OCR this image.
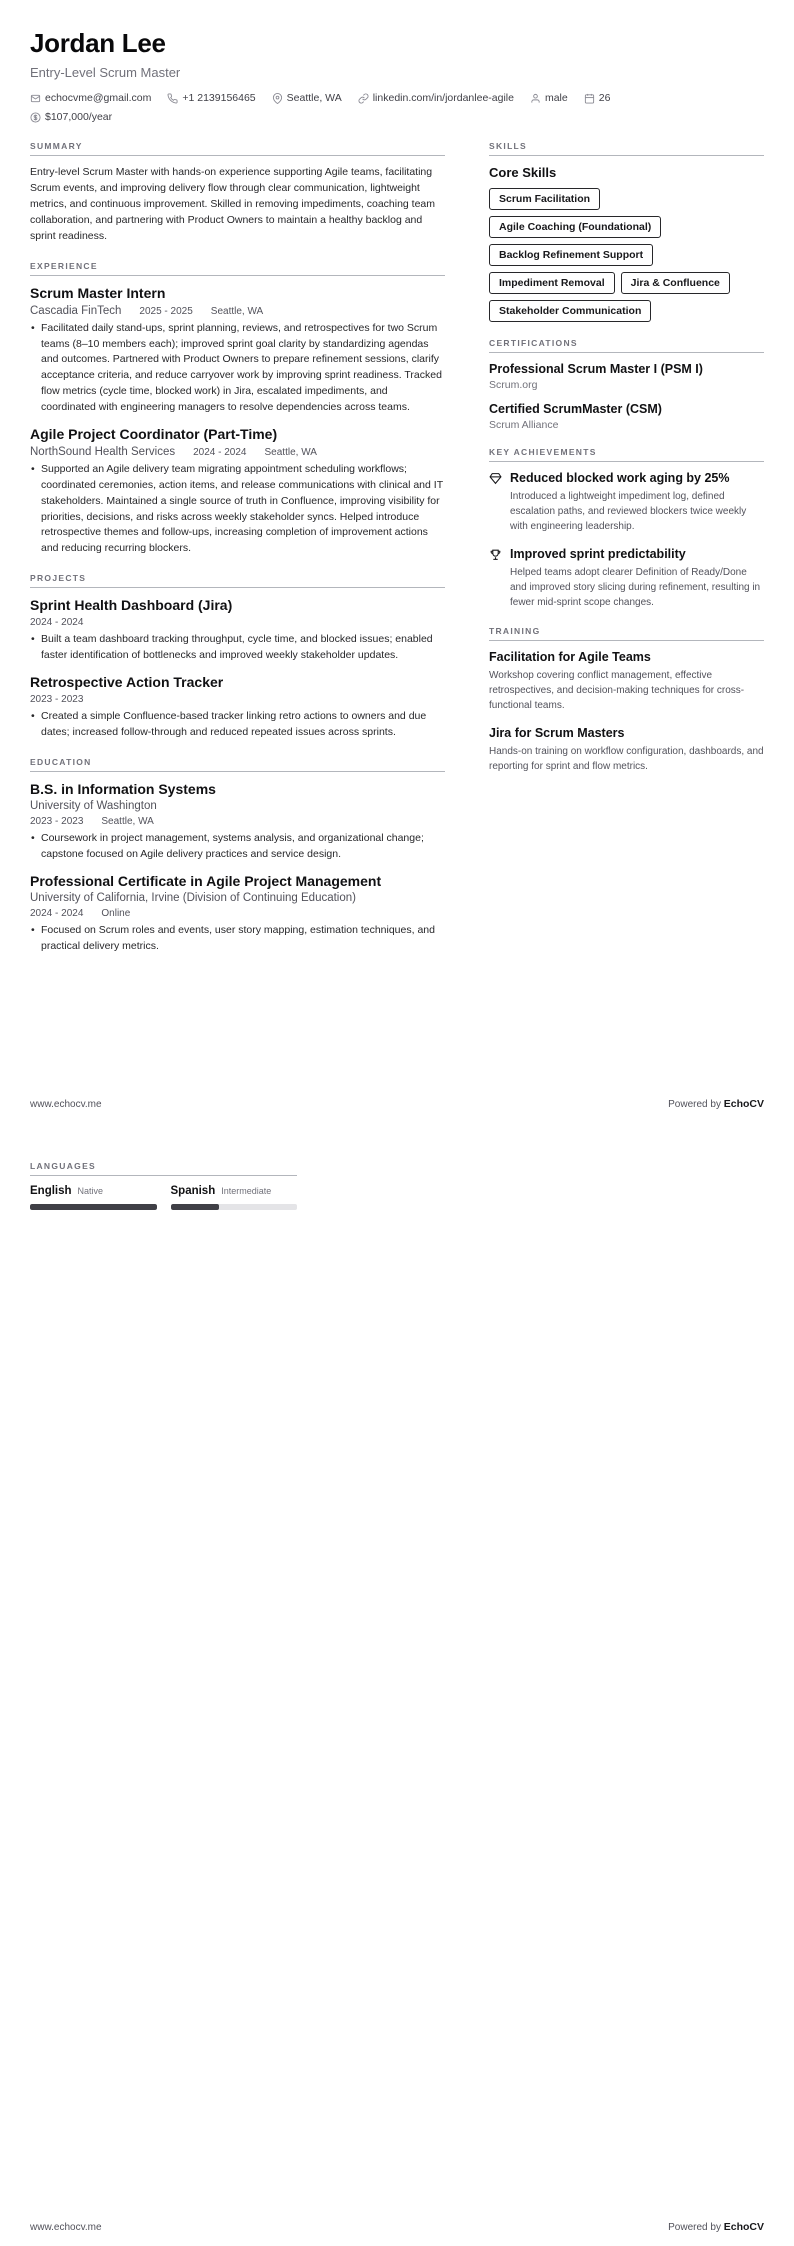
Jordan Lee
Entry-Level Scrum Master
echocvme@gmail.com	+1 2139156465	Seattle, WA	linkedin.com/in/jordanlee-agile	male	26
$107,000/year
SUMMARY

Entry-level Scrum Master with hands-on experience supporting Agile teams, facilitating Scrum events, and improving delivery flow through clear communication, lightweight metrics, and continuous improvement. Skilled in removing impediments, coaching team collaboration, and partnering with Product Owners to maintain a healthy backlog and sprint readiness.

EXPERIENCE
Scrum Master Intern
Cascadia FinTech 2025 - 2025 Seattle, WA
• Facilitated daily stand-ups, sprint planning, reviews, and retrospectives for two Scrum teams (8–10 members each); improved sprint goal clarity by standardizing agendas and outcomes. Partnered with Product Owners to prepare refinement sessions, clarify acceptance criteria, and reduce carryover work by improving sprint readiness. Tracked flow metrics (cycle time, blocked work) in Jira, escalated impediments, and coordinated with engineering managers to resolve dependencies across teams.
Agile Project Coordinator (Part-Time)
NorthSound Health Services 2024 - 2024 Seattle, WA
• Supported an Agile delivery team migrating appointment scheduling workflows; coordinated ceremonies, action items, and release communications with clinical and IT stakeholders. Maintained a single source of truth in Confluence, improving visibility for priorities, decisions, and risks across weekly stakeholder syncs. Helped introduce retrospective themes and follow-ups, increasing completion of improvement actions and reducing recurring blockers.
PROJECTS
Sprint Health Dashboard (Jira)
2024 - 2024
• Built a team dashboard tracking throughput, cycle time, and blocked issues; enabled faster identification of bottlenecks and improved weekly stakeholder updates.
Retrospective Action Tracker
2023 - 2023
• Created a simple Confluence-based tracker linking retro actions to owners and due dates; increased follow-through and reduced repeated issues across sprints.
EDUCATION
B.S. in Information Systems
University of Washington
2023 - 2023 Seattle, WA
• Coursework in project management, systems analysis, and organizational change; capstone focused on Agile delivery practices and service design.
Professional Certificate in Agile Project Management
University of California, Irvine (Division of Continuing Education)
2024 - 2024 Online
• Focused on Scrum roles and events, user story mapping, estimation techniques, and practical delivery metrics.
SKILLS
Core Skills
Scrum Facilitation
Agile Coaching (Foundational)
Backlog Refinement Support
Impediment Removal	Jira & Confluence
Stakeholder Communication
CERTIFICATIONS
Professional Scrum Master I (PSM I)
Scrum.org
Certified ScrumMaster (CSM)
Scrum Alliance
KEY ACHIEVEMENTS
Reduced blocked work aging by 25%
Introduced a lightweight impediment log, defined escalation paths, and reviewed blockers twice weekly with engineering leadership.
Improved sprint predictability
Helped teams adopt clearer Definition of Ready/Done and improved story slicing during refinement, resulting in fewer mid-sprint scope changes.
TRAINING
Facilitation for Agile Teams
Workshop covering conflict management, effective retrospectives, and decision-making techniques for cross-functional teams.
Jira for Scrum Masters
Hands-on training on workflow configuration, dashboards, and reporting for sprint and flow metrics.
www.echocv.me	Powered by EchoCV
LANGUAGES
English Native	Spanish Intermediate
www.echocv.me	Powered by EchoCV
